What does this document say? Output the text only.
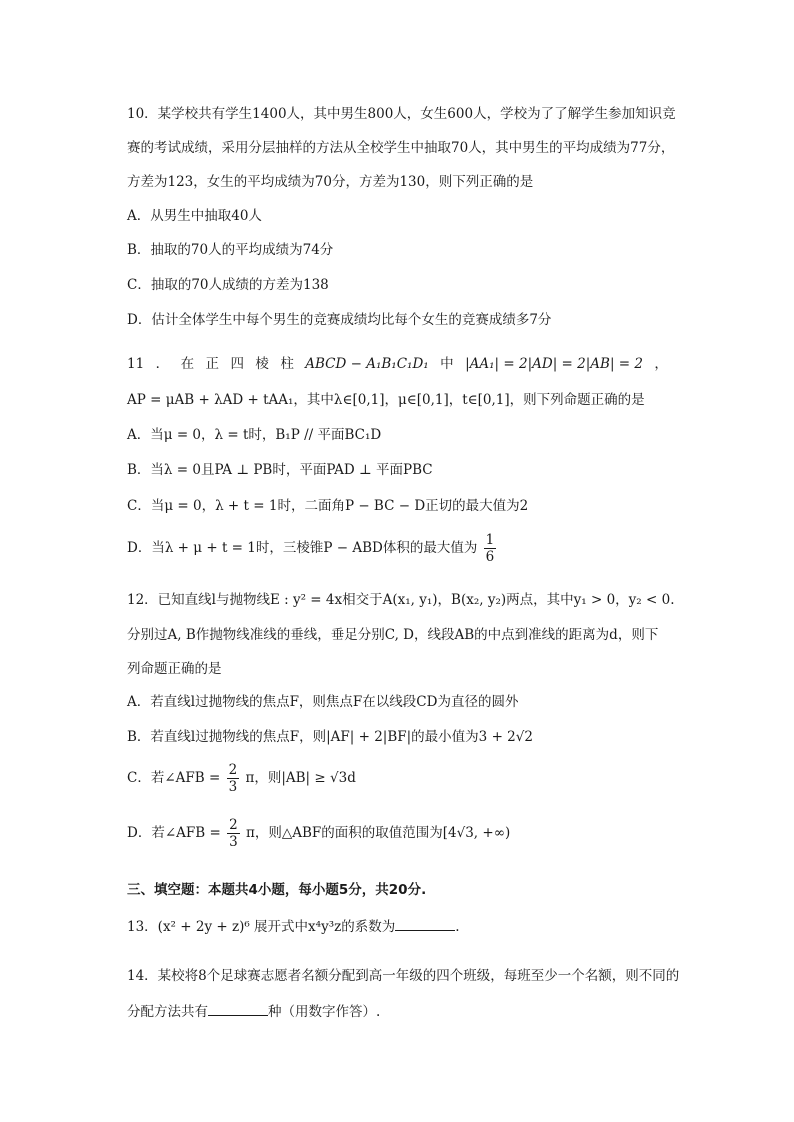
10．某学校共有学生1400人，其中男生800人，女生600人，学校为了了解学生参加知识竞
赛的考试成绩，采用分层抽样的方法从全校学生中抽取70人，其中男生的平均成绩为77分，
方差为123，女生的平均成绩为70分，方差为130，则下列正确的是
A．从男生中抽取40人
B．抽取的70人的平均成绩为74分
C．抽取的70人成绩的方差为138
D．估计全体学生中每个男生的竞赛成绩均比每个女生的竞赛成绩多7分
11 ． 在 正 四 棱 柱 ABCD − A₁B₁C₁D₁ 中 |AA₁| = 2|AD| = 2|AB| = 2 ，
AP = μAB + λAD + tAA₁，其中λ∈[0,1]，μ∈[0,1]，t∈[0,1]，则下列命题正确的是
A．当μ = 0，λ = t时，B₁P // 平面BC₁D
B．当λ = 0且PA ⊥ PB时，平面PAD ⊥ 平面PBC
C．当μ = 0，λ + t = 1时，二面角P − BC − D正切的最大值为2
D．当λ + μ + t = 1时，三棱锥P − ABD体积的最大值为 $\frac{1}{6}$
12．已知直线l与抛物线E : y² = 4x相交于A(x₁, y₁)，B(x₂, y₂)两点，其中y₁ > 0，y₂ < 0.
分别过A, B作抛物线准线的垂线，垂足分别C, D，线段AB的中点到准线的距离为d，则下
列命题正确的是
A．若直线l过抛物线的焦点F，则焦点F在以线段CD为直径的圆外
B．若直线l过抛物线的焦点F，则|AF| + 2|BF|的最小值为3 + 2√2
C．若∠AFB = $\frac{2}{3}$ π，则|AB| ≥ √3d
D．若∠AFB = $\frac{2}{3}$ π，则△ABF的面积的取值范围为[4√3, +∞)
三、填空题：本题共4小题，每小题5分，共20分.
13．(x² + 2y + z)⁶ 展开式中x⁴y³z的系数为	.
14．某校将8个足球赛志愿者名额分配到高一年级的四个班级，每班至少一个名额，则不同的
分配方法共有	种（用数字作答）.
